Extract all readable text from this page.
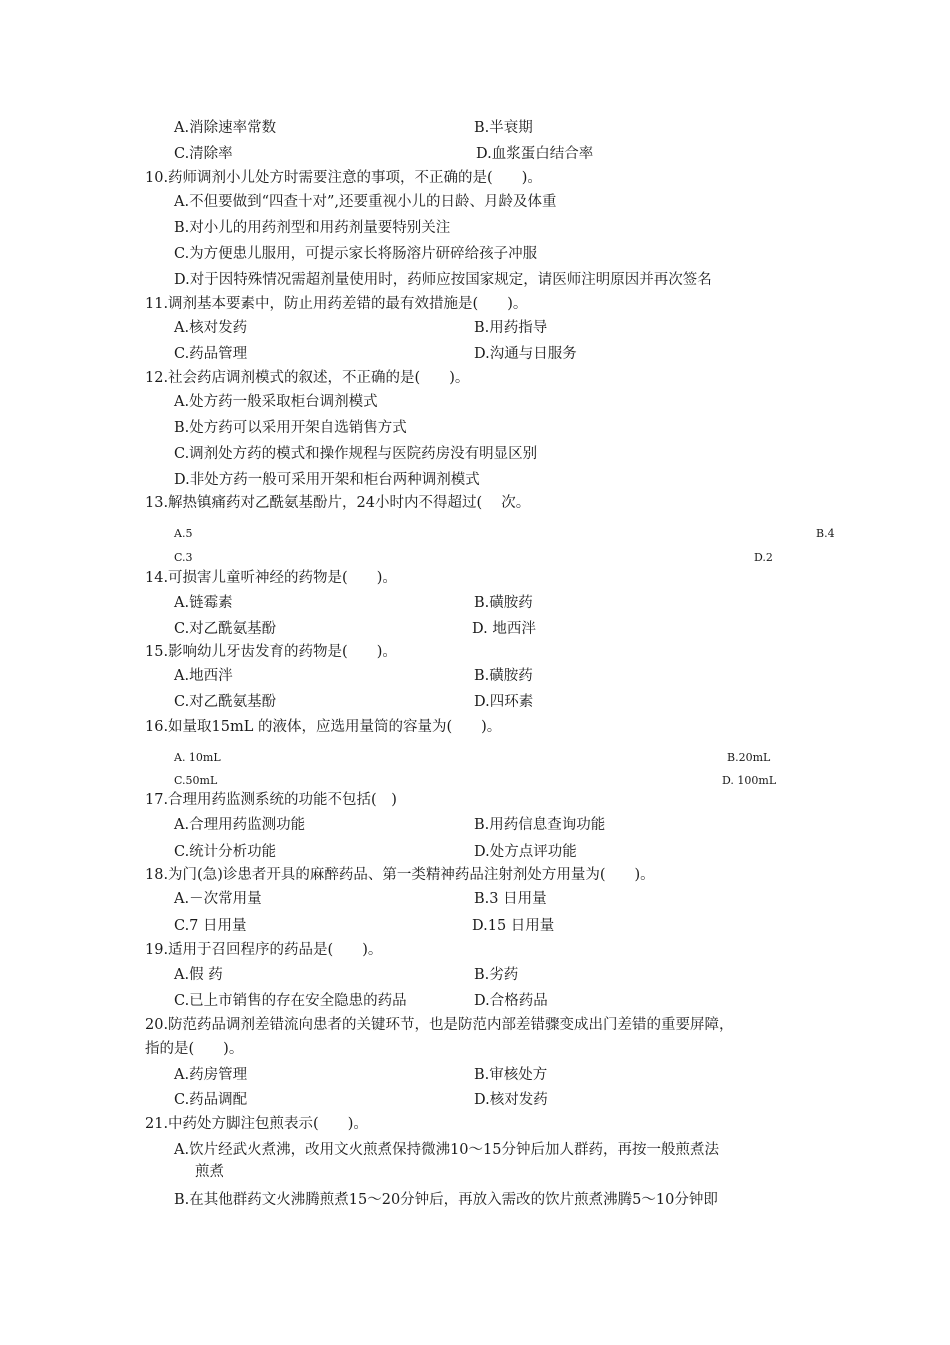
A.消除速率常数	B.半衰期
C.清除率	D.血浆蛋白结合率
10.药师调剂小儿处方时需要注意的事项，不正确的是(　　)。
A.不但要做到“四查十对”,还要重视小儿的日龄、月龄及体重
B.对小儿的用药剂型和用药剂量要特别关注
C.为方便患儿服用，可提示家长将肠溶片研碎给孩子冲服
D.对于因特殊情况需超剂量使用时，药师应按国家规定，请医师注明原因并再次签名
11.调剂基本要素中，防止用药差错的最有效措施是(　　)。
A.核对发药	B.用药指导
C.药品管理	D.沟通与日服务
12.社会药店调剂模式的叙述，不正确的是(　　)。
A.处方药一般采取柜台调剂模式
B.处方药可以采用开架自选销售方式
C.调剂处方药的模式和操作规程与医院药房没有明显区别
D.非处方药一般可采用开架和柜台两种调剂模式
13.解热镇痛药对乙酰氨基酚片，24小时内不得超过(　 次。
A.5	B.4
C.3	D.2
14.可损害儿童听神经的药物是(　　)。
A.链霉素	B.磺胺药
C.对乙酰氨基酚	D. 地西泮
15.影响幼儿牙齿发育的药物是(　　)。
A.地西泮	B.磺胺药
C.对乙酰氨基酚	D.四环素
16.如量取15mL 的液体，应选用量筒的容量为(　　)。
A. 10mL	B.20mL
C.50mL	D. 100mL
17.合理用药监测系统的功能不包括(　)
A.合理用药监测功能	B.用药信息查询功能
C.统计分析功能	D.处方点评功能
18.为门(急)诊患者开具的麻醉药品、第一类精神药品注射剂处方用量为(　　)。
A.－次常用量	B.3 日用量
C.7 日用量	D.15 日用量
19.适用于召回程序的药品是(　　)。
A.假 药	B.劣药
C.已上市销售的存在安全隐患的药品	D.合格药品
20.防范药品调剂差错流向患者的关键环节，也是防范内部差错骤变成出门差错的重要屏障，
指的是(　　)。
A.药房管理	B.审核处方
C.药品调配	D.核对发药
21.中药处方脚注包煎表示(　　)。
A.饮片经武火煮沸，改用文火煎煮保持微沸10～15分钟后加人群药，再按一般煎煮法
煎煮
B.在其他群药文火沸腾煎煮15～20分钟后，再放入需改的饮片煎煮沸腾5～10分钟即
